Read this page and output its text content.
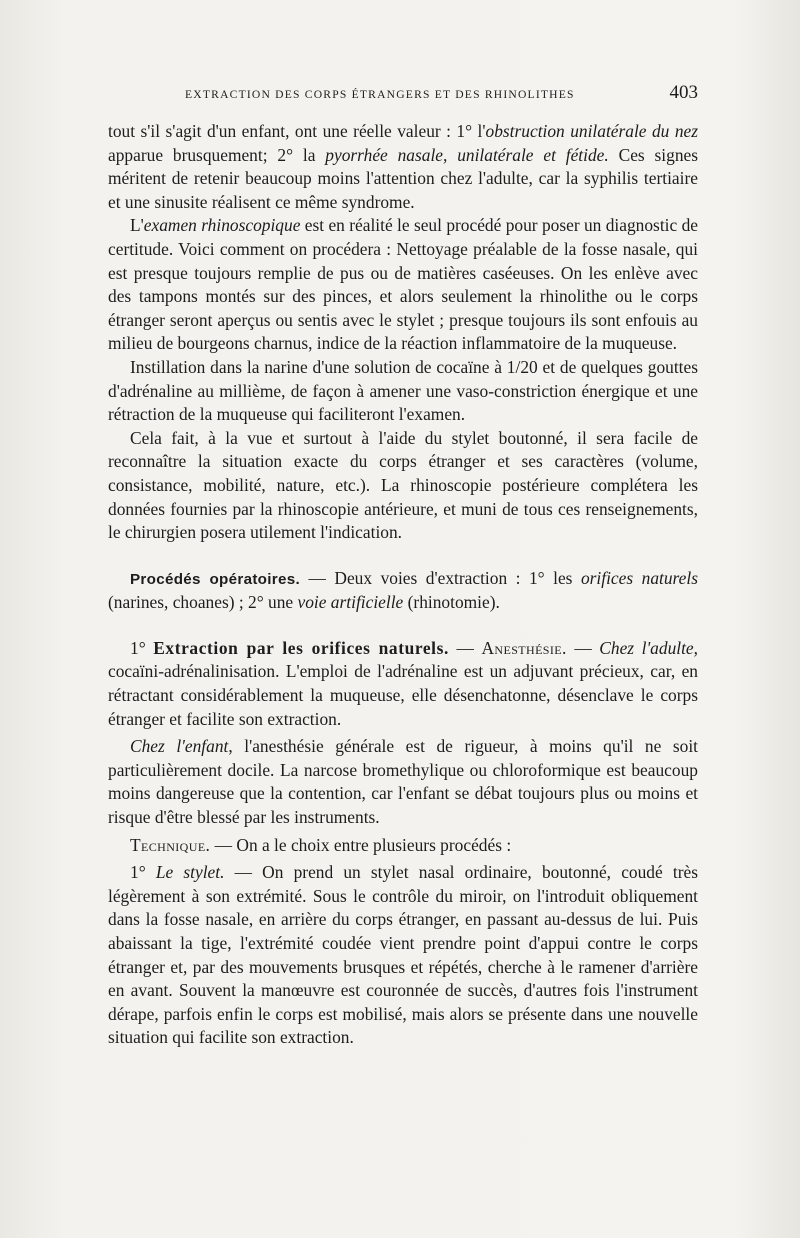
EXTRACTION DES CORPS ÉTRANGERS ET DES RHINOLITHES	403

tout s'il s'agit d'un enfant, ont une réelle valeur : 1° l'obstruction unilatérale du nez apparue brusquement; 2° la pyorrhée nasale, unilatérale et fétide. Ces signes méritent de retenir beaucoup moins l'attention chez l'adulte, car la syphilis tertiaire et une sinusite réalisent ce même syndrome.

L'examen rhinoscopique est en réalité le seul procédé pour poser un diagnostic de certitude. Voici comment on procédera : Nettoyage préalable de la fosse nasale, qui est presque toujours remplie de pus ou de matières caséeuses. On les enlève avec des tampons montés sur des pinces, et alors seulement la rhinolithe ou le corps étranger seront aperçus ou sentis avec le stylet ; presque toujours ils sont enfouis au milieu de bourgeons charnus, indice de la réaction inflammatoire de la muqueuse.

Instillation dans la narine d'une solution de cocaïne à 1/20 et de quelques gouttes d'adrénaline au millième, de façon à amener une vaso-constriction énergique et une rétraction de la muqueuse qui faciliteront l'examen.

Cela fait, à la vue et surtout à l'aide du stylet boutonné, il sera facile de reconnaître la situation exacte du corps étranger et ses caractères (volume, consistance, mobilité, nature, etc.). La rhinoscopie postérieure complétera les données fournies par la rhinoscopie antérieure, et muni de tous ces renseignements, le chirurgien posera utilement l'indication.

Procédés opératoires. — Deux voies d'extraction : 1° les orifices naturels (narines, choanes) ; 2° une voie artificielle (rhinotomie).

1° Extraction par les orifices naturels. — Anesthésie. — Chez l'adulte, cocaïni-adrénalinisation. L'emploi de l'adrénaline est un adjuvant précieux, car, en rétractant considérablement la muqueuse, elle désenchatonne, désenclave le corps étranger et facilite son extraction.

Chez l'enfant, l'anesthésie générale est de rigueur, à moins qu'il ne soit particulièrement docile. La narcose bromethylique ou chloroformique est beaucoup moins dangereuse que la contention, car l'enfant se débat toujours plus ou moins et risque d'être blessé par les instruments.

Technique. — On a le choix entre plusieurs procédés :

1° Le stylet. — On prend un stylet nasal ordinaire, boutonné, coudé très légèrement à son extrémité. Sous le contrôle du miroir, on l'introduit obliquement dans la fosse nasale, en arrière du corps étranger, en passant au-dessus de lui. Puis abaissant la tige, l'extrémité coudée vient prendre point d'appui contre le corps étranger et, par des mouvements brusques et répétés, cherche à le ramener d'arrière en avant. Souvent la manœuvre est couronnée de succès, d'autres fois l'instrument dérape, parfois enfin le corps est mobilisé, mais alors se présente dans une nouvelle situation qui facilite son extraction.
